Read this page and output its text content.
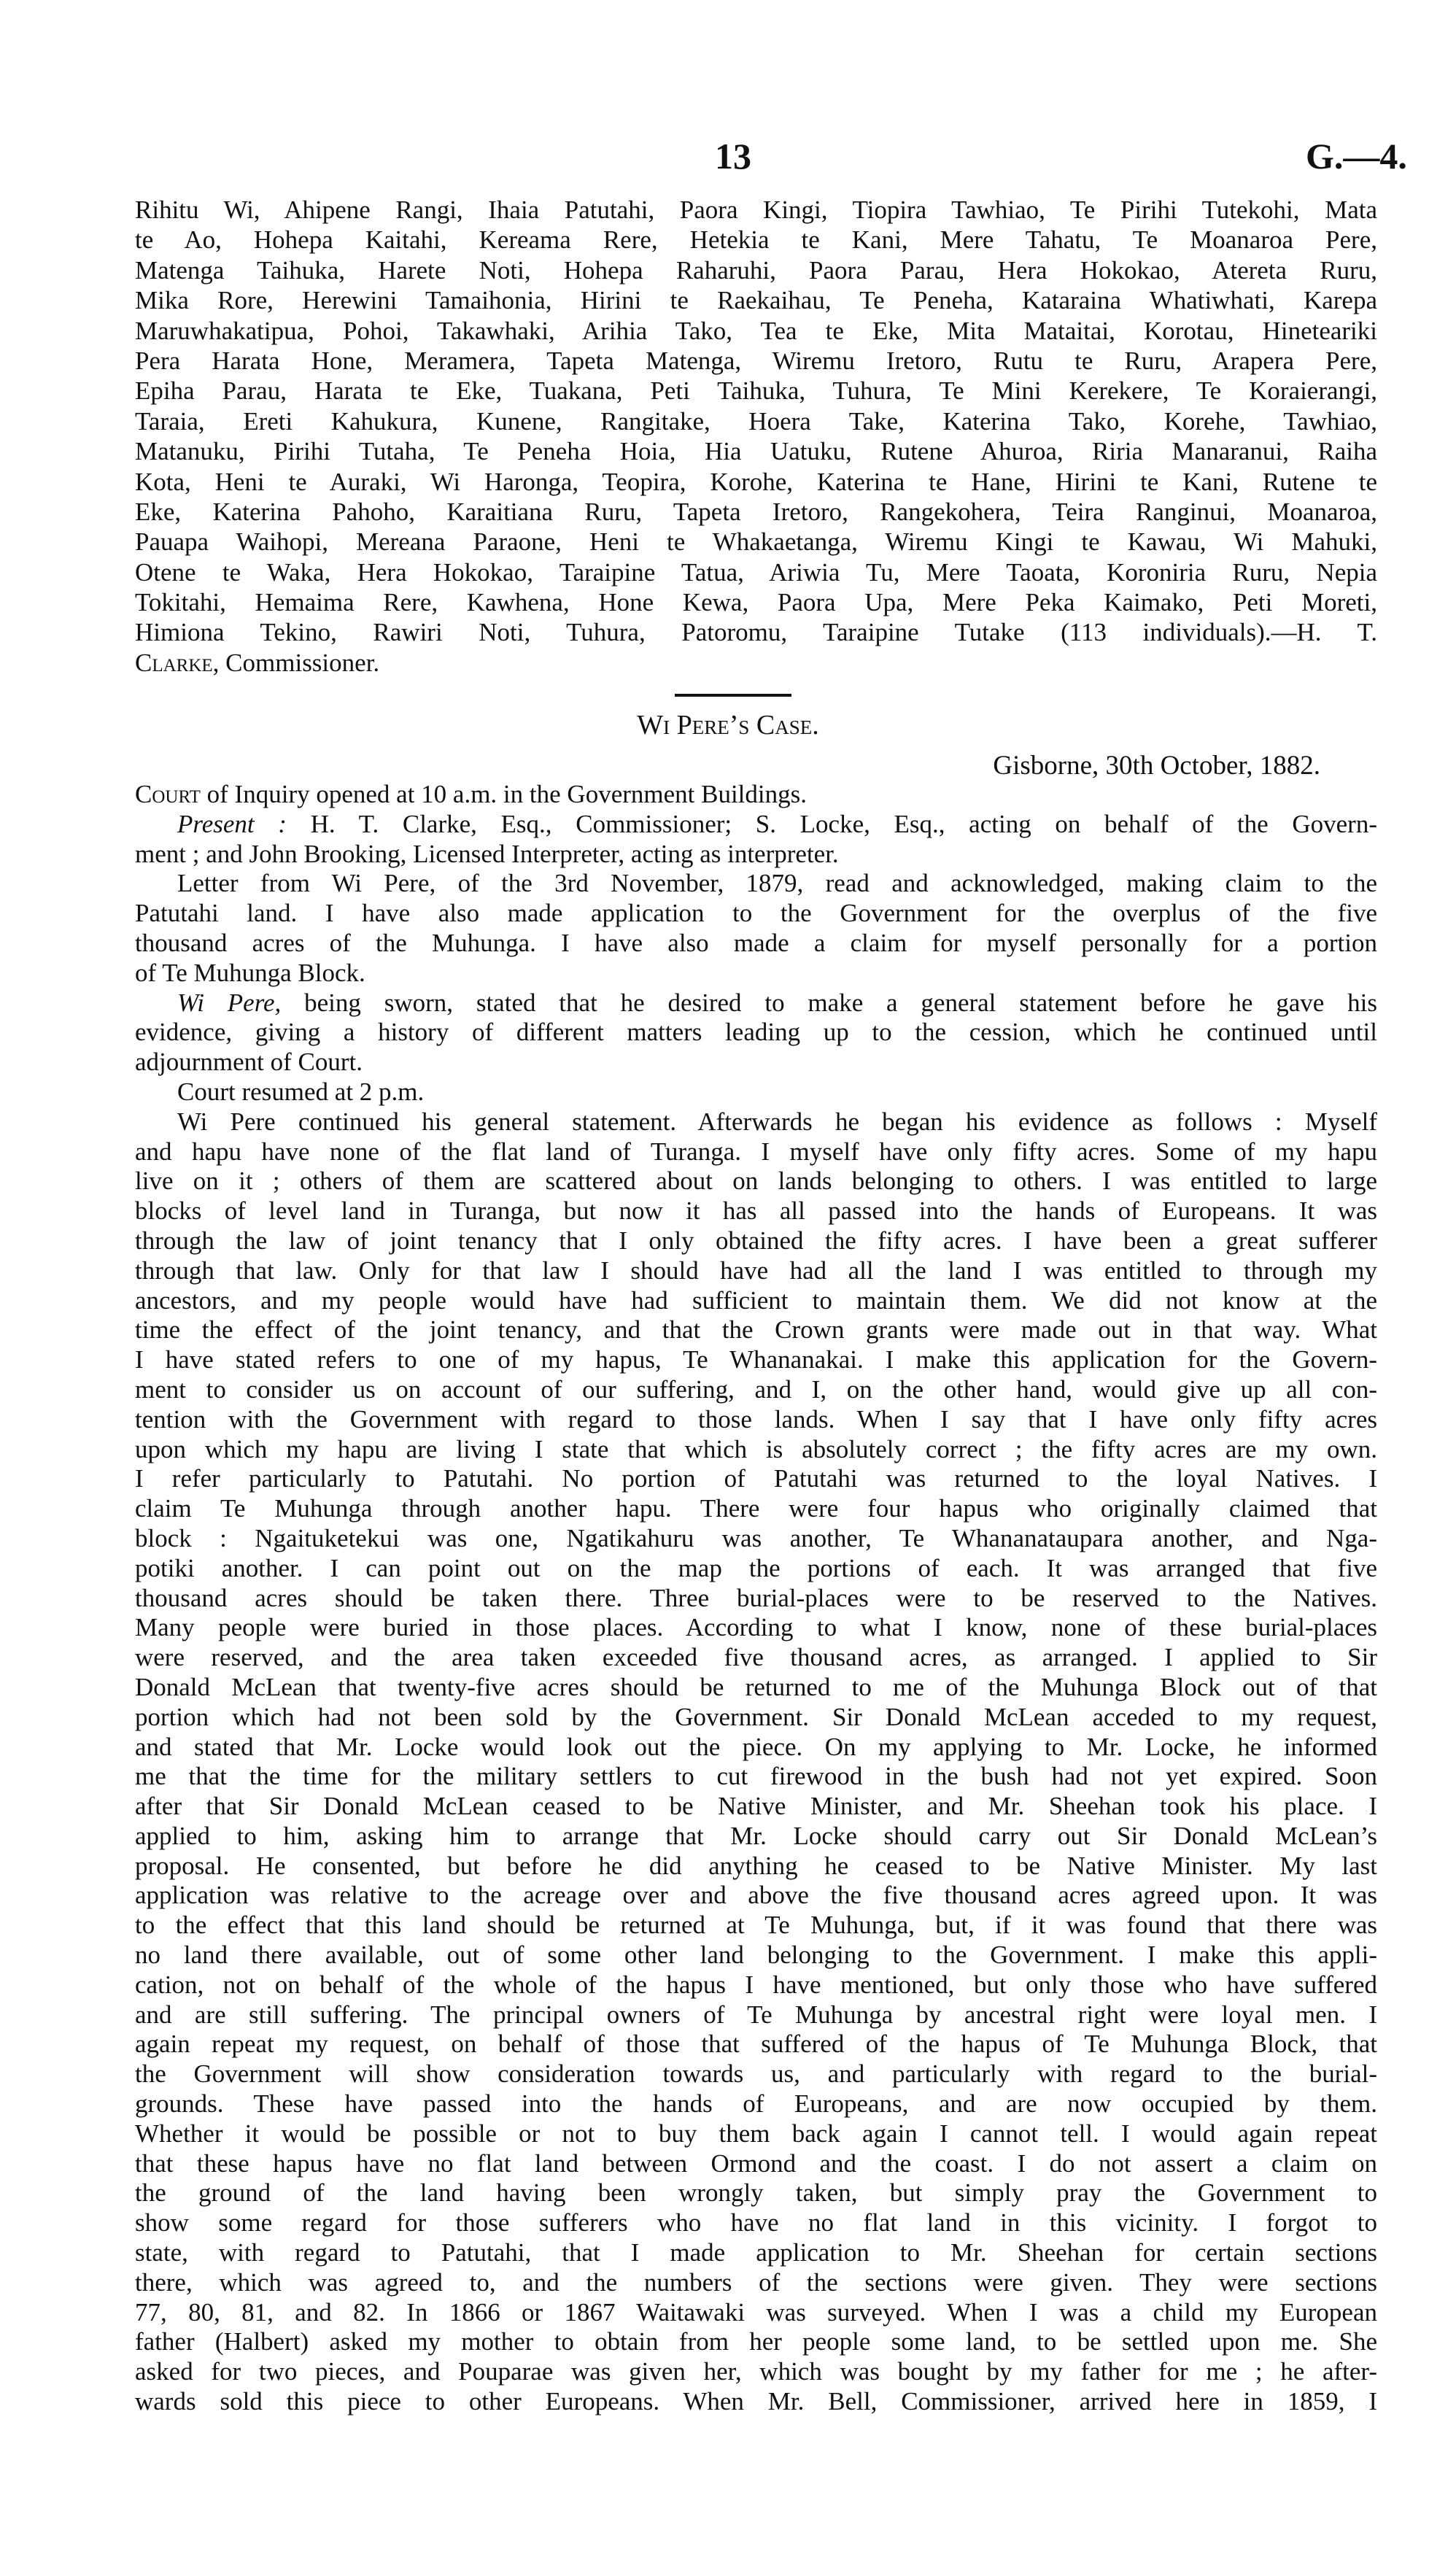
13	G.—4.
Rihitu Wi, Ahipene Rangi, Ihaia Patutahi, Paora Kingi, Tiopira Tawhiao, Te Pirihi Tutekohi, Mata
te Ao, Hohepa Kaitahi, Kereama Rere, Hetekia te Kani, Mere Tahatu, Te Moanaroa Pere,
Matenga Taihuka, Harete Noti, Hohepa Raharuhi, Paora Parau, Hera Hokokao, Atereta Ruru,
Mika Rore, Herewini Tamaihonia, Hirini te Raekaihau, Te Peneha, Kataraina Whatiwhati, Karepa
Maruwhakatipua, Pohoi, Takawhaki, Arihia Tako, Tea te Eke, Mita Mataitai, Korotau, Hineteariki
Pera Harata Hone, Meramera, Tapeta Matenga, Wiremu Iretoro, Rutu te Ruru, Arapera Pere,
Epiha Parau, Harata te Eke, Tuakana, Peti Taihuka, Tuhura, Te Mini Kerekere, Te Koraierangi,
Taraia, Ereti Kahukura, Kunene, Rangitake, Hoera Take, Katerina Tako, Korehe, Tawhiao,
Matanuku, Pirihi Tutaha, Te Peneha Hoia, Hia Uatuku, Rutene Ahuroa, Riria Manaranui, Raiha
Kota, Heni te Auraki, Wi Haronga, Teopira, Korohe, Katerina te Hane, Hirini te Kani, Rutene te
Eke, Katerina Pahoho, Karaitiana Ruru, Tapeta Iretoro, Rangekohera, Teira Ranginui, Moanaroa,
Pauapa Waihopi, Mereana Paraone, Heni te Whakaetanga, Wiremu Kingi te Kawau, Wi Mahuki,
Otene te Waka, Hera Hokokao, Taraipine Tatua, Ariwia Tu, Mere Taoata, Koroniria Ruru, Nepia
Tokitahi, Hemaima Rere, Kawhena, Hone Kewa, Paora Upa, Mere Peka Kaimako, Peti Moreti,
Himiona Tekino, Rawiri Noti, Tuhura, Patoromu, Taraipine Tutake (113 individuals).—H. T.
Clarke, Commissioner.
Wi Pere’s Case.
Gisborne, 30th October, 1882.
Court of Inquiry opened at 10 a.m. in the Government Buildings.
Present : H. T. Clarke, Esq., Commissioner; S. Locke, Esq., acting on behalf of the Govern-
ment ; and John Brooking, Licensed Interpreter, acting as interpreter.
Letter from Wi Pere, of the 3rd November, 1879, read and acknowledged, making claim to the
Patutahi land. I have also made application to the Government for the overplus of the five
thousand acres of the Muhunga. I have also made a claim for myself personally for a portion
of Te Muhunga Block.
Wi Pere, being sworn, stated that he desired to make a general statement before he gave his
evidence, giving a history of different matters leading up to the cession, which he continued until
adjournment of Court.
Court resumed at 2 p.m.
Wi Pere continued his general statement. Afterwards he began his evidence as follows : Myself
and hapu have none of the flat land of Turanga. I myself have only fifty acres. Some of my hapu
live on it ; others of them are scattered about on lands belonging to others. I was entitled to large
blocks of level land in Turanga, but now it has all passed into the hands of Europeans. It was
through the law of joint tenancy that I only obtained the fifty acres. I have been a great sufferer
through that law. Only for that law I should have had all the land I was entitled to through my
ancestors, and my people would have had sufficient to maintain them. We did not know at the
time the effect of the joint tenancy, and that the Crown grants were made out in that way. What
I have stated refers to one of my hapus, Te Whananakai. I make this application for the Govern-
ment to consider us on account of our suffering, and I, on the other hand, would give up all con-
tention with the Government with regard to those lands. When I say that I have only fifty acres
upon which my hapu are living I state that which is absolutely correct ; the fifty acres are my own.
I refer particularly to Patutahi. No portion of Patutahi was returned to the loyal Natives. I
claim Te Muhunga through another hapu. There were four hapus who originally claimed that
block : Ngaituketekui was one, Ngatikahuru was another, Te Whananataupara another, and Nga-
potiki another. I can point out on the map the portions of each. It was arranged that five
thousand acres should be taken there. Three burial-places were to be reserved to the Natives.
Many people were buried in those places. According to what I know, none of these burial-places
were reserved, and the area taken exceeded five thousand acres, as arranged. I applied to Sir
Donald McLean that twenty-five acres should be returned to me of the Muhunga Block out of that
portion which had not been sold by the Government. Sir Donald McLean acceded to my request,
and stated that Mr. Locke would look out the piece. On my applying to Mr. Locke, he informed
me that the time for the military settlers to cut firewood in the bush had not yet expired. Soon
after that Sir Donald McLean ceased to be Native Minister, and Mr. Sheehan took his place. I
applied to him, asking him to arrange that Mr. Locke should carry out Sir Donald McLean’s
proposal. He consented, but before he did anything he ceased to be Native Minister. My last
application was relative to the acreage over and above the five thousand acres agreed upon. It was
to the effect that this land should be returned at Te Muhunga, but, if it was found that there was
no land there available, out of some other land belonging to the Government. I make this appli-
cation, not on behalf of the whole of the hapus I have mentioned, but only those who have suffered
and are still suffering. The principal owners of Te Muhunga by ancestral right were loyal men. I
again repeat my request, on behalf of those that suffered of the hapus of Te Muhunga Block, that
the Government will show consideration towards us, and particularly with regard to the burial-
grounds. These have passed into the hands of Europeans, and are now occupied by them.
Whether it would be possible or not to buy them back again I cannot tell. I would again repeat
that these hapus have no flat land between Ormond and the coast. I do not assert a claim on
the ground of the land having been wrongly taken, but simply pray the Government to
show some regard for those sufferers who have no flat land in this vicinity. I forgot to
state, with regard to Patutahi, that I made application to Mr. Sheehan for certain sections
there, which was agreed to, and the numbers of the sections were given. They were sections
77, 80, 81, and 82. In 1866 or 1867 Waitawaki was surveyed. When I was a child my European
father (Halbert) asked my mother to obtain from her people some land, to be settled upon me. She
asked for two pieces, and Pouparae was given her, which was bought by my father for me ; he after-
wards sold this piece to other Europeans. When Mr. Bell, Commissioner, arrived here in 1859, I
